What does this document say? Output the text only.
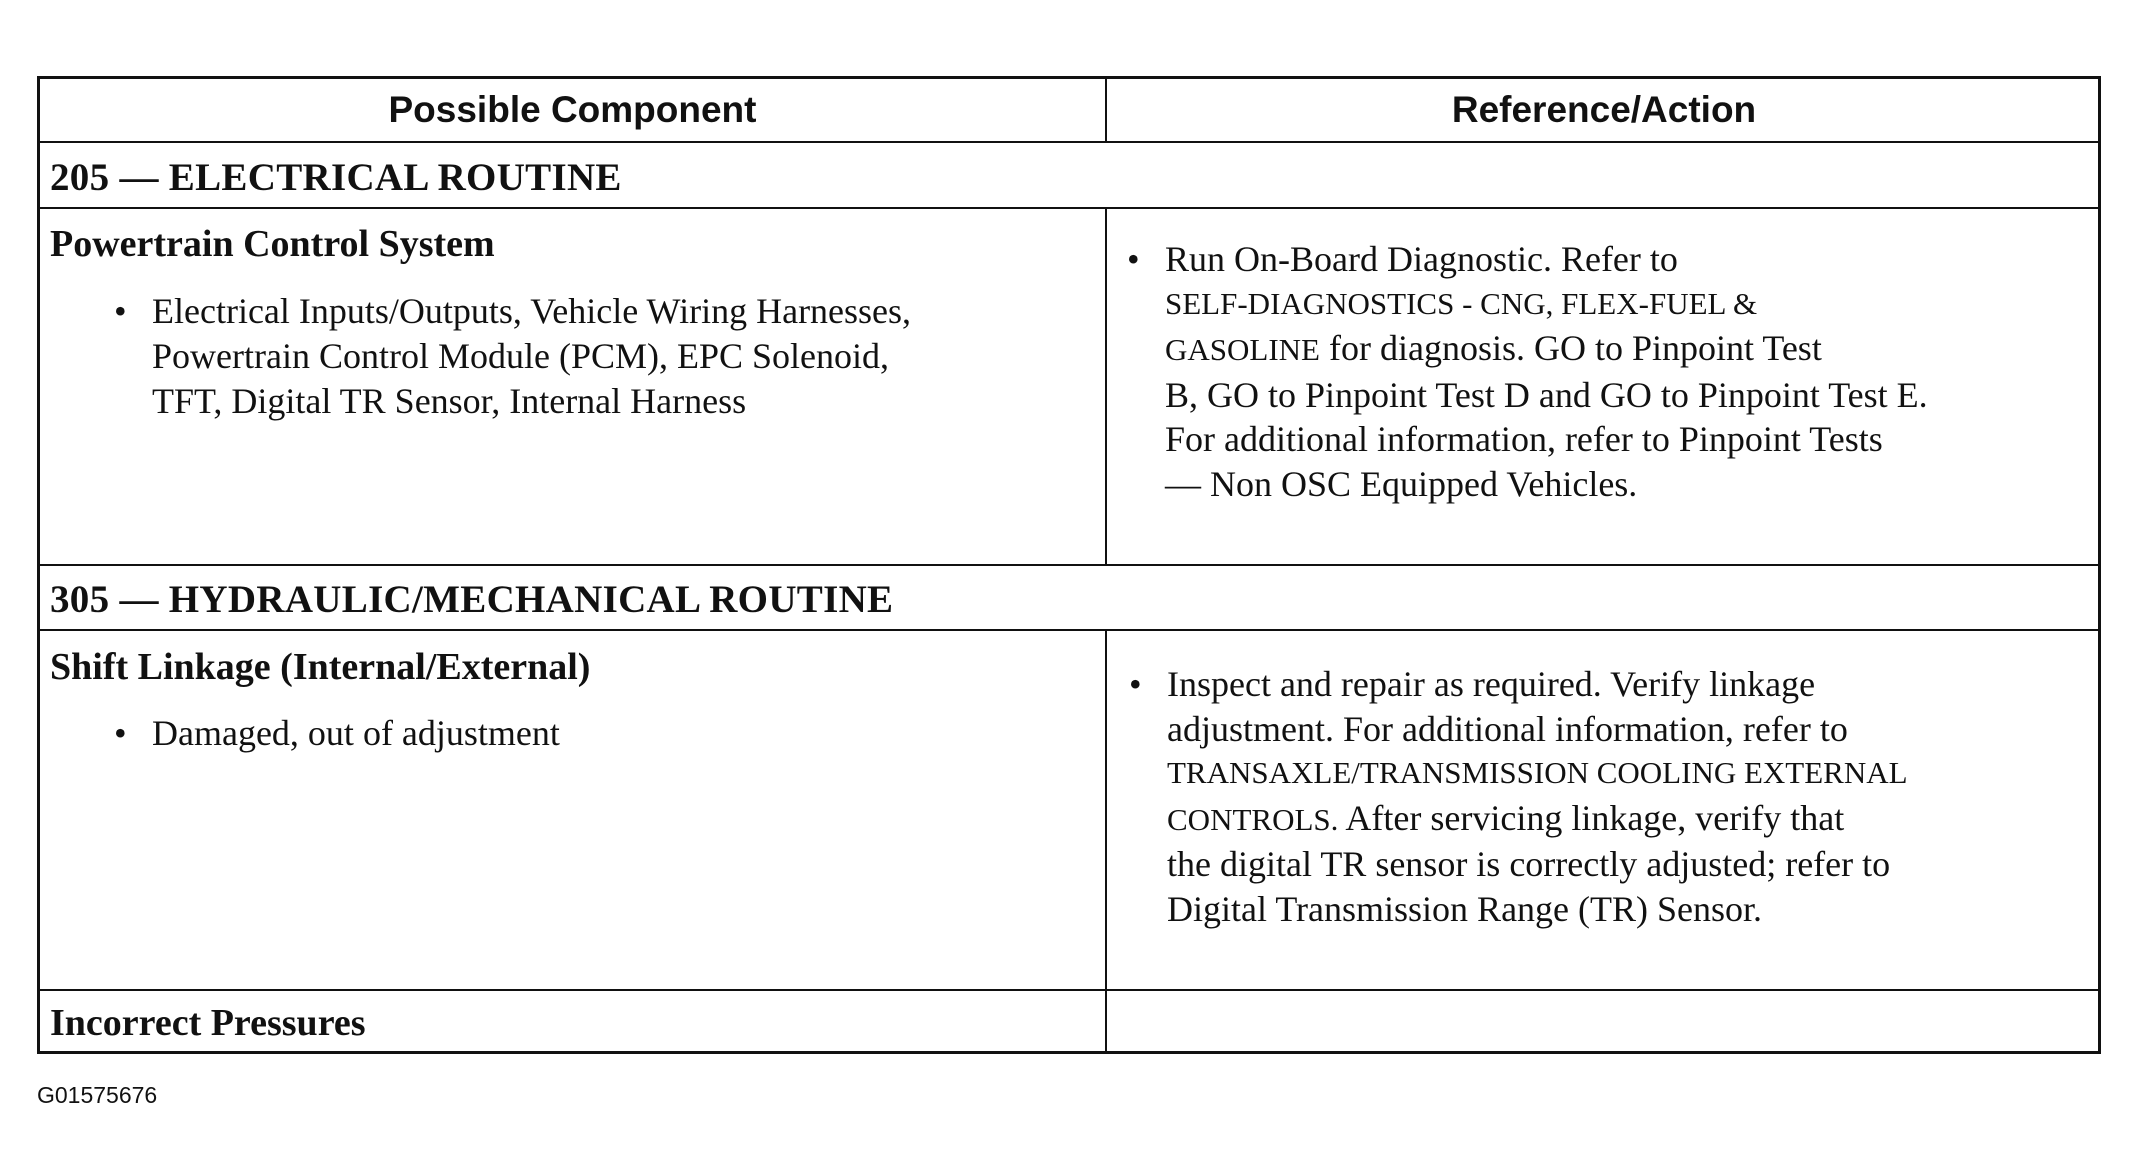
Possible Component	Reference/Action
205 — ELECTRICAL ROUTINE
Powertrain Control System
• Electrical Inputs/Outputs, Vehicle Wiring Harnesses,
Powertrain Control Module (PCM), EPC Solenoid,
TFT, Digital TR Sensor, Internal Harness
• Run On-Board Diagnostic. Refer to
SELF-DIAGNOSTICS - CNG, FLEX-FUEL &
GASOLINE for diagnosis. GO to Pinpoint Test
B, GO to Pinpoint Test D and GO to Pinpoint Test E.
For additional information, refer to Pinpoint Tests
— Non OSC Equipped Vehicles.
305 — HYDRAULIC/MECHANICAL ROUTINE
Shift Linkage (Internal/External)
• Damaged, out of adjustment
• Inspect and repair as required. Verify linkage
adjustment. For additional information, refer to
TRANSAXLE/TRANSMISSION COOLING EXTERNAL
CONTROLS. After servicing linkage, verify that
the digital TR sensor is correctly adjusted; refer to
Digital Transmission Range (TR) Sensor.
Incorrect Pressures
G01575676
